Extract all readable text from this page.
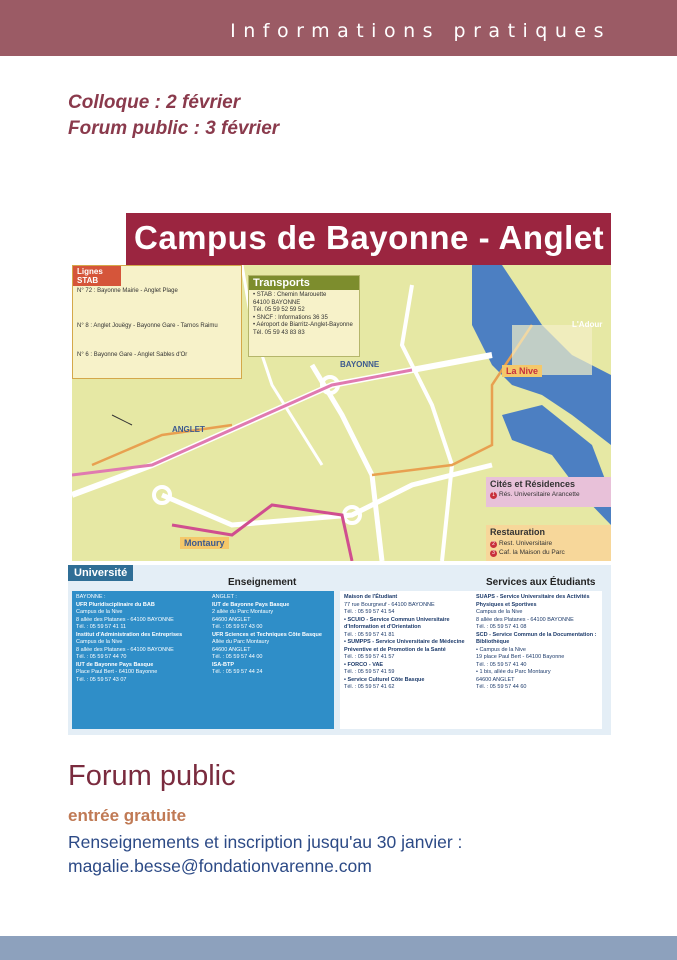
Informations pratiques
Colloque : 2 février
Forum public : 3 février
Campus de Bayonne - Anglet
Lignes STAB
N° 72 : Bayonne Mairie - Anglet Plage
N° 8 : Anglet Jouëgy - Bayonne Gare - Tarnos Raimu
N° 6 : Bayonne Gare - Anglet Sables d'Or
Transports
• STAB : Chemin Marouette
64100 BAYONNE
Tél. 05 59 52 59 52
• SNCF : Informations 36 35
• Aéroport de Biarritz-Anglet-Bayonne
Tél. 05 59 43 83 83
ANGLET
BAYONNE
Montaury
La Nive
L'Adour
Cités et Résidences
1 Rés. Universitaire Arancette
Restauration
2 Rest. Universitaire
3 Caf. la Maison du Parc
Université
Enseignement	Services aux Étudiants
BAYONNE :
UFR Pluridisciplinaire du BAB
Campus de la Nive
8 allée des Platanes - 64100 BAYONNE
Tél. : 05 59 57 41 11
Institut d'Administration des Entreprises
Campus de la Nive
8 allée des Platanes - 64100 BAYONNE
Tél. : 05 59 57 44 70
IUT de Bayonne Pays Basque
Place Paul Bert - 64100 Bayonne
Tél. : 05 59 57 43 07
ANGLET :
IUT de Bayonne Pays Basque
2 allée du Parc Montaury
64600 ANGLET
Tél. : 05 59 57 43 00
UFR Sciences et Techniques Côte Basque
Allée du Parc Montaury
64600 ANGLET
Tél. : 05 59 57 44 00
ISA-BTP
Tél. : 05 59 57 44 24
Maison de l'Étudiant
77 rue Bourgneuf - 64100 BAYONNE
Tél. : 05 59 57 41 54
• SCUIO - Service Commun Universitaire d'Information et d'Orientation
Tél. : 05 59 57 41 81
• SUMPPS - Service Universitaire de Médecine Préventive et de Promotion de la Santé
Tél. : 05 59 57 41 57
• FORCO - VAE
Tél. : 05 59 57 41 59
• Service Culturel Côte Basque
Tél. : 05 59 57 41 62
SUAPS - Service Universitaire des Activités Physiques et Sportives
Campus de la Nive
8 allée des Platanes - 64100 BAYONNE
Tél. : 05 59 57 41 08
SCD - Service Commun de la Documentation : Bibliothèque
• Campus de la Nive
19 place Paul Bert - 64100 Bayonne
Tél. : 05 59 57 41 40
• 1 bis, allée du Parc Montaury
64600 ANGLET
Tél. : 05 59 57 44 60
Forum public
entrée gratuite
Renseignements et inscription jusqu'au 30 janvier :
magalie.besse@fondationvarenne.com
